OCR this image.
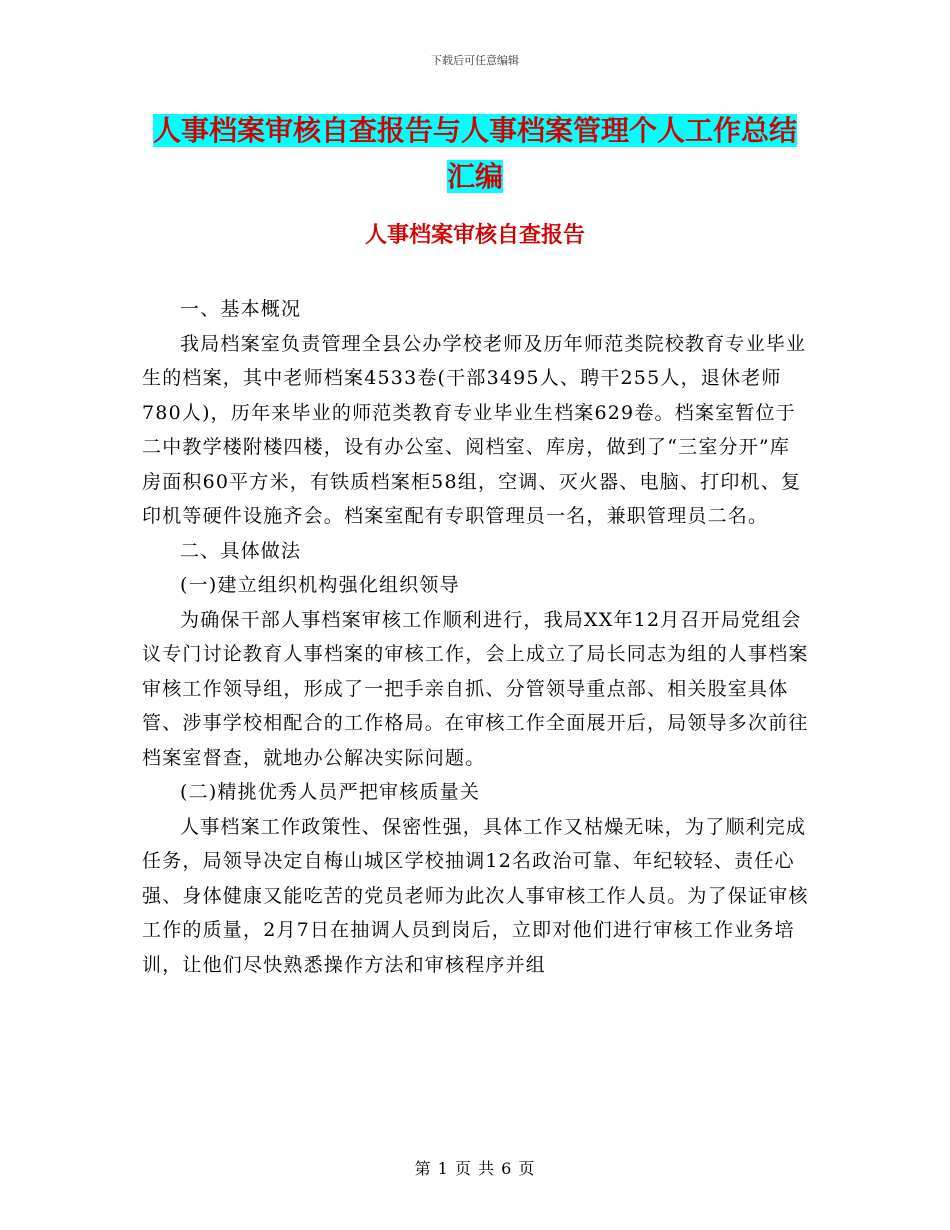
下载后可任意编辑
人事档案审核自查报告与人事档案管理个人工作总结
汇编
人事档案审核自查报告

一、基本概况

我局档案室负责管理全县公办学校老师及历年师范类院校教育专业毕业生的档案，其中老师档案4533卷(干部3495人、聘干255人，退休老师780人)，历年来毕业的师范类教育专业毕业生档案629卷。档案室暂位于二中教学楼附楼四楼，设有办公室、阅档室、库房，做到了“三室分开”库房面积60平方米，有铁质档案柜58组，空调、灭火器、电脑、打印机、复印机等硬件设施齐会。档案室配有专职管理员一名，兼职管理员二名。

二、具体做法

(一)建立组织机构强化组织领导

为确保干部人事档案审核工作顺利进行，我局XX年12月召开局党组会议专门讨论教育人事档案的审核工作，会上成立了局长同志为组的人事档案审核工作领导组，形成了一把手亲自抓、分管领导重点部、相关股室具体管、涉事学校相配合的工作格局。在审核工作全面展开后，局领导多次前往档案室督查，就地办公解决实际问题。

(二)精挑优秀人员严把审核质量关

人事档案工作政策性、保密性强，具体工作又枯燥无味，为了顺利完成任务，局领导决定自梅山城区学校抽调12名政治可靠、年纪较轻、责任心强、身体健康又能吃苦的党员老师为此次人事审核工作人员。为了保证审核工作的质量，2月7日在抽调人员到岗后，立即对他们进行审核工作业务培训，让他们尽快熟悉操作方法和审核程序并组

第 1 页 共 6 页
